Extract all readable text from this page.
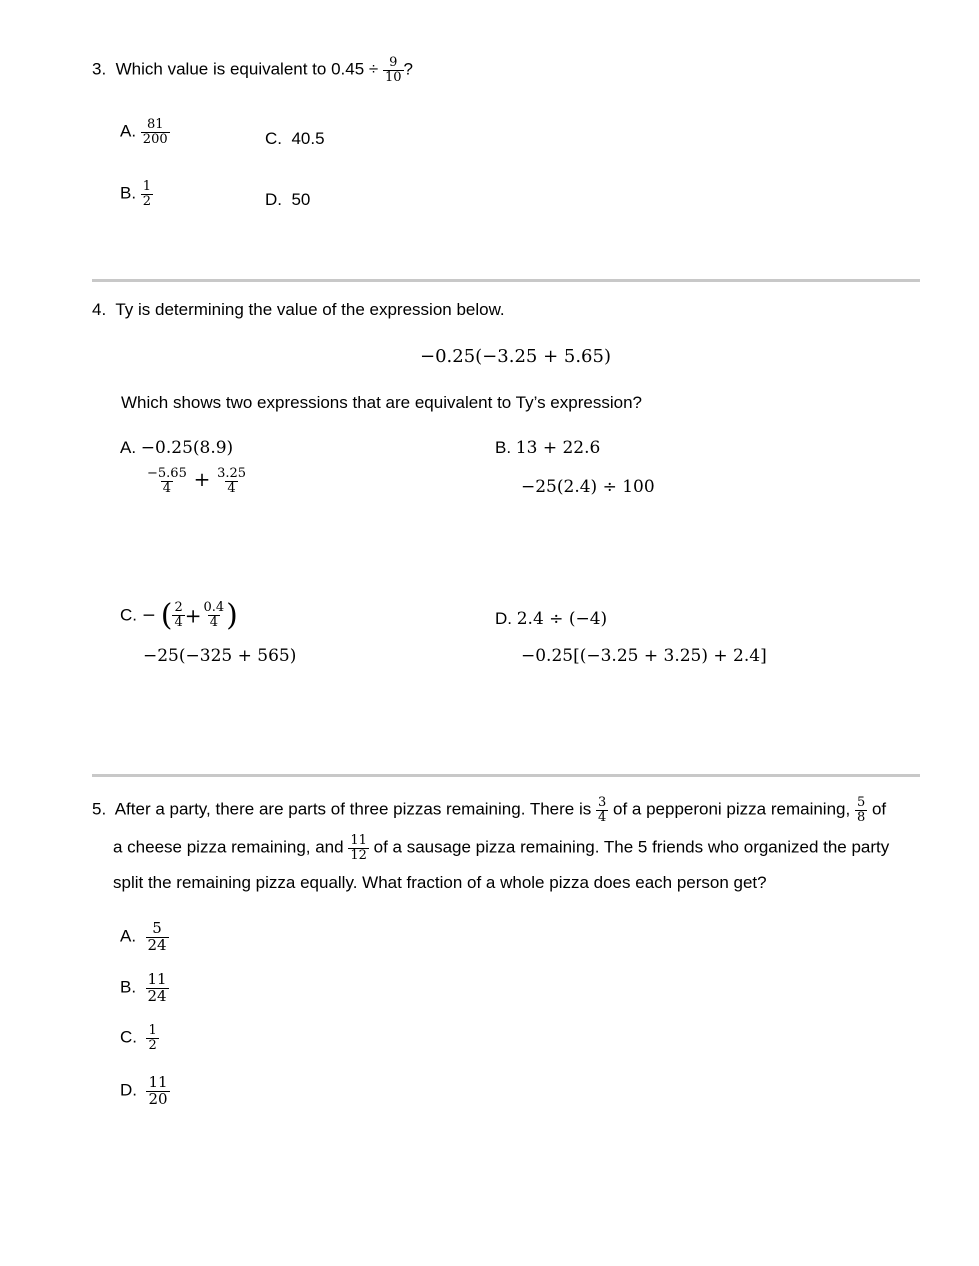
3. Which value is equivalent to $0.45 \div \frac{9}{10}$ ?
A. $\frac{81}{200}$	C. 40.5
B. $\frac{1}{2}$	D. 50
4. Ty is determining the value of the expression below.
−0.25(−3.25 + 5.65)
Which shows two expressions that are equivalent to Ty’s expression?
A. −0.25(8.9)
$\frac{-5.65}{4} + \frac{3.25}{4}$
B. 13 + 22.6
−25(2.4) ÷ 100
C. − ( $\frac{2}{4} + \frac{0.4}{4}$ )
−25(−325 + 565)
D. 2.4 ÷ (−4)
−0.25[(−3.25 + 3.25) + 2.4]
5. After a party, there are parts of three pizzas remaining. There is $\frac{3}{4}$ of a pepperoni pizza remaining, $\frac{5}{8}$ of
a cheese pizza remaining, and $\frac{11}{12}$ of a sausage pizza remaining. The 5 friends who organized the party
split the remaining pizza equally. What fraction of a whole pizza does each person get?
A. $\frac{5}{24}$
B. $\frac{11}{24}$
C. $\frac{1}{2}$
D. $\frac{11}{20}$
